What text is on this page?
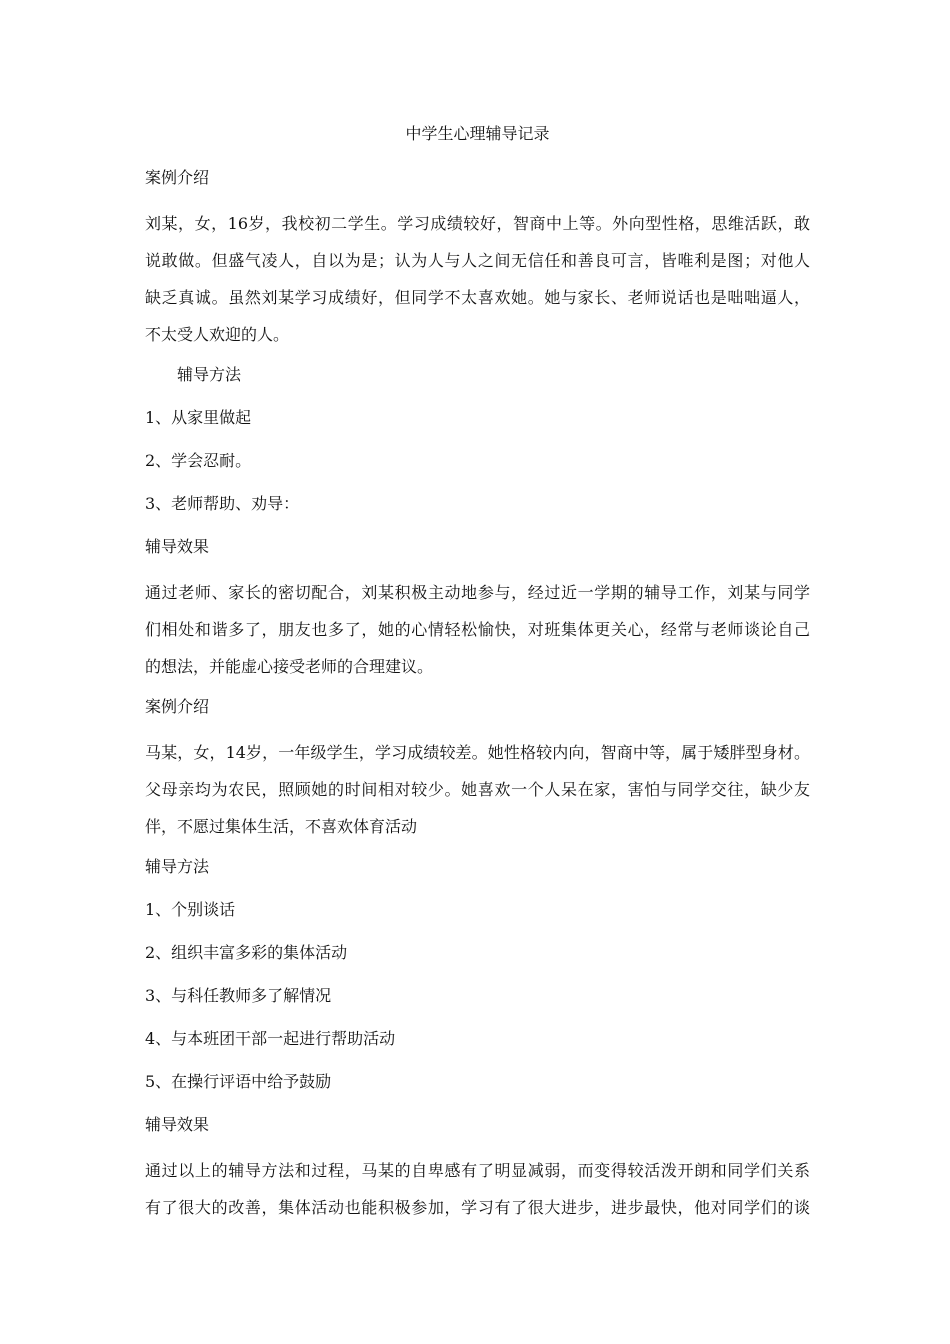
中学生心理辅导记录
案例介绍
刘某，女，16岁，我校初二学生。学习成绩较好，智商中上等。外向型性格，思维活跃，敢
说敢做。但盛气凌人，自以为是；认为人与人之间无信任和善良可言，皆唯利是图；对他人
缺乏真诚。虽然刘某学习成绩好，但同学不太喜欢她。她与家长、老师说话也是咄咄逼人，
不太受人欢迎的人。
辅导方法
1、从家里做起
2、学会忍耐。
3、老师帮助、劝导：
辅导效果
通过老师、家长的密切配合，刘某积极主动地参与，经过近一学期的辅导工作，刘某与同学
们相处和谐多了，朋友也多了，她的心情轻松愉快，对班集体更关心，经常与老师谈论自己
的想法，并能虚心接受老师的合理建议。
案例介绍
马某，女，14岁，一年级学生，学习成绩较差。她性格较内向，智商中等，属于矮胖型身材。
父母亲均为农民，照顾她的时间相对较少。她喜欢一个人呆在家，害怕与同学交往，缺少友
伴，不愿过集体生活，不喜欢体育活动
辅导方法
1、个别谈话
2、组织丰富多彩的集体活动
3、与科任教师多了解情况
4、与本班团干部一起进行帮助活动
5、在操行评语中给予鼓励
辅导效果
通过以上的辅导方法和过程，马某的自卑感有了明显减弱，而变得较活泼开朗和同学们关系
有了很大的改善，集体活动也能积极参加，学习有了很大进步，进步最快，他对同学们的谈
